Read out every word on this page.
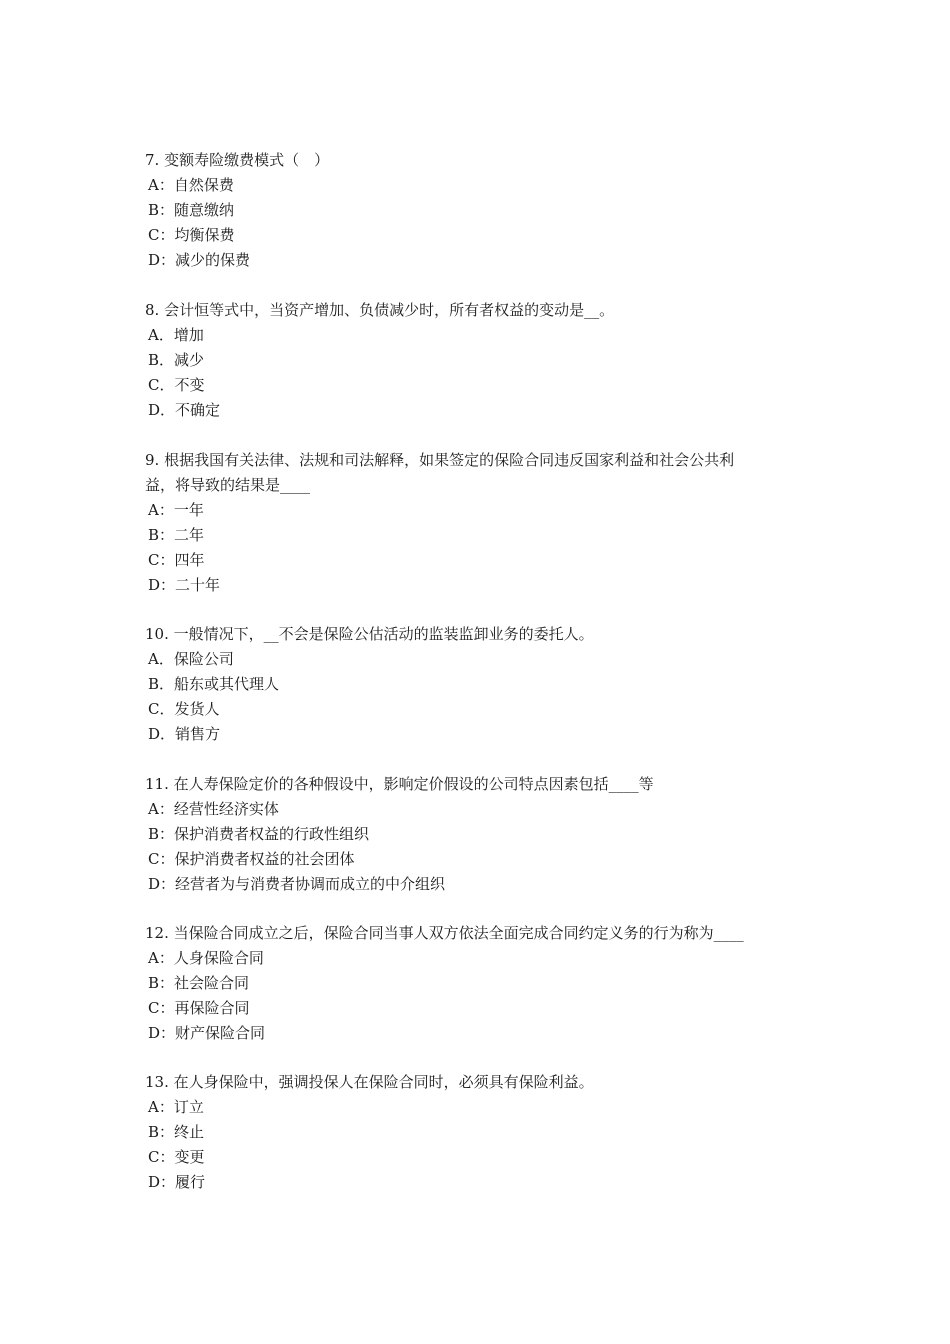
7. 变额寿险缴费模式（　）
A：自然保费
B：随意缴纳
C：均衡保费
D：减少的保费
8. 会计恒等式中，当资产增加、负债减少时，所有者权益的变动是__。
A．增加
B．减少
C．不变
D．不确定
9. 根据我国有关法律、法规和司法解释，如果签定的保险合同违反国家利益和社会公共利
益，将导致的结果是____
A：一年
B：二年
C：四年
D：二十年
10. 一般情况下，__不会是保险公估活动的监装监卸业务的委托人。
A．保险公司
B．船东或其代理人
C．发货人
D．销售方
11. 在人寿保险定价的各种假设中，影响定价假设的公司特点因素包括____等
A：经营性经济实体
B：保护消费者权益的行政性组织
C：保护消费者权益的社会团体
D：经营者为与消费者协调而成立的中介组织
12. 当保险合同成立之后，保险合同当事人双方依法全面完成合同约定义务的行为称为____
A：人身保险合同
B：社会险合同
C：再保险合同
D：财产保险合同
13. 在人身保险中，强调投保人在保险合同时，必须具有保险利益。
A：订立
B：终止
C：变更
D：履行
